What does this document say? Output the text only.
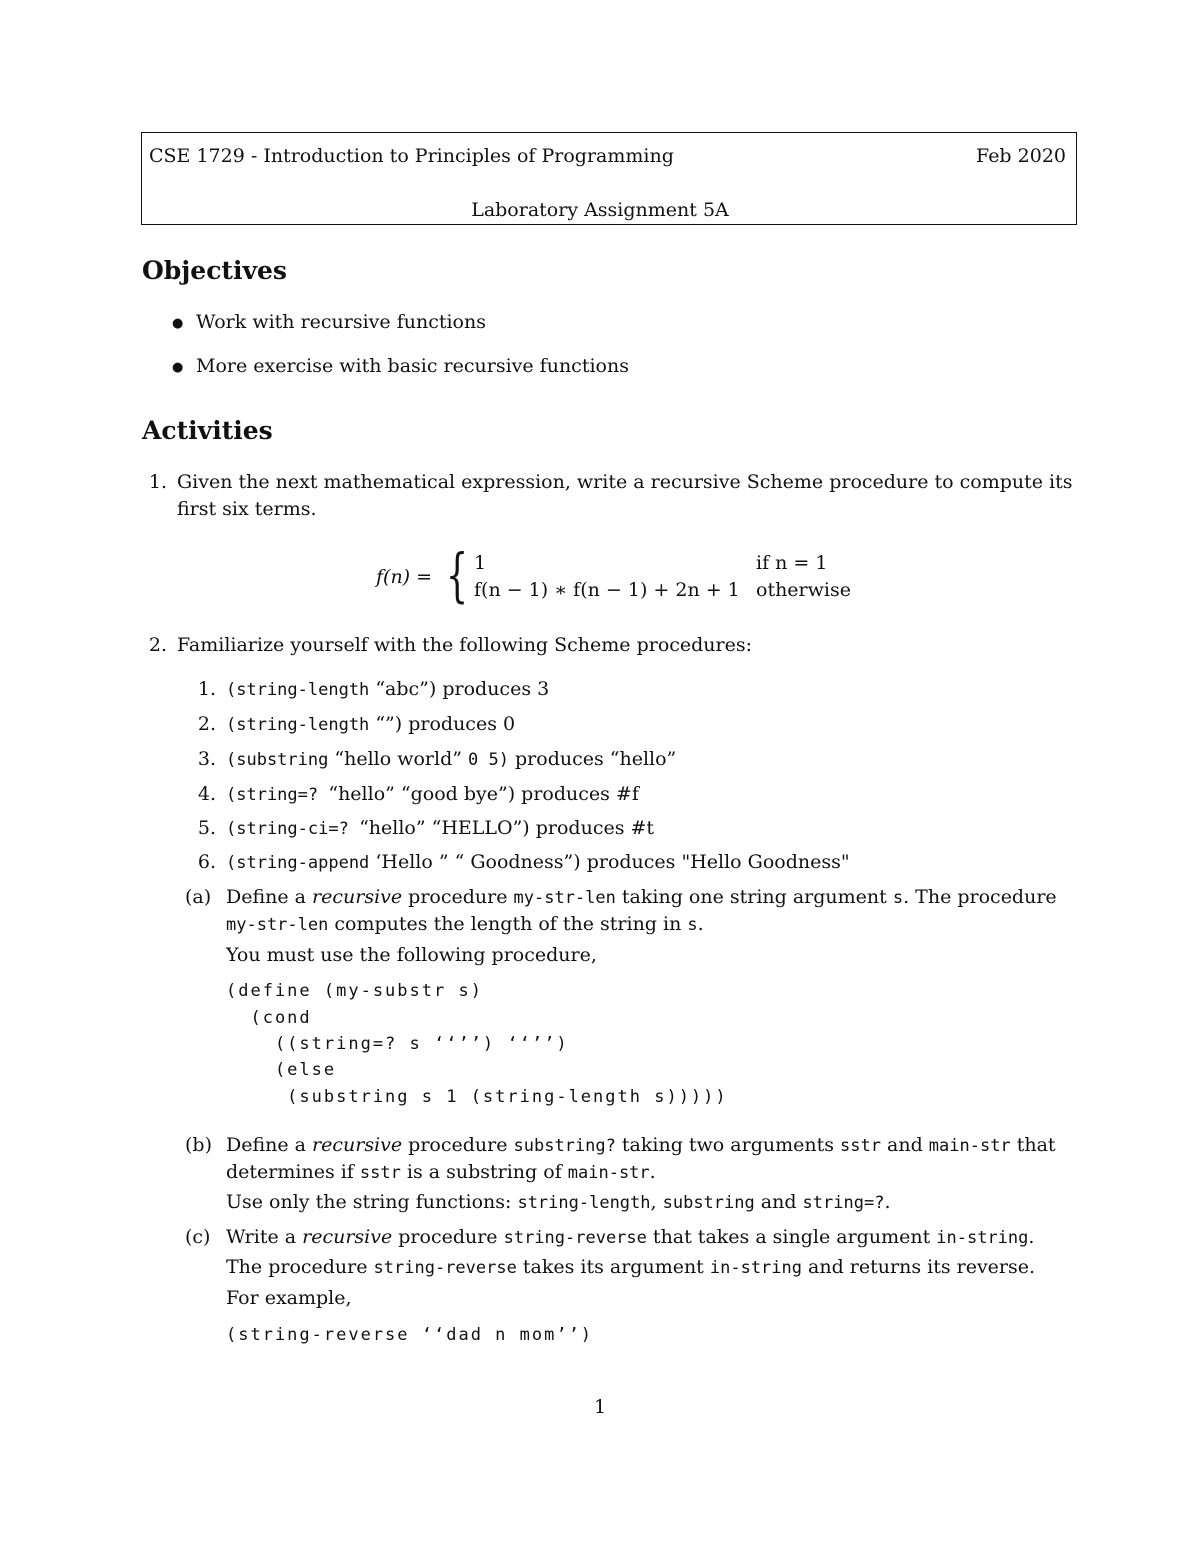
CSE 1729 - Introduction to Principles of Programming	Feb 2020
Laboratory Assignment 5A
Objectives
● Work with recursive functions
● More exercise with basic recursive functions
Activities
1. Given the next mathematical expression, write a recursive Scheme procedure to compute its
first six terms.
f(n) = { 1	if n = 1
f(n − 1) ∗ f(n − 1) + 2n + 1 otherwise
2. Familiarize yourself with the following Scheme procedures:
1. (string-length “abc”) produces 3
2. (string-length “”) produces 0
3. (substring “hello world” 0 5) produces “hello”
4. (string=? “hello” “good bye”) produces #f
5. (string-ci=? “hello” “HELLO”) produces #t
6. (string-append ‘Hello ” “ Goodness”) produces "Hello Goodness"
(a) Define a recursive procedure my-str-len taking one string argument s. The procedure
my-str-len computes the length of the string in s.
You must use the following procedure,
(define (my-substr s)
(cond
((string=? s ‘‘’’) ‘‘’’)
(else
(substring s 1 (string-length s)))))
(b) Define a recursive procedure substring? taking two arguments sstr and main-str that
determines if sstr is a substring of main-str.
Use only the string functions: string-length, substring and string=?.
(c) Write a recursive procedure string-reverse that takes a single argument in-string.
The procedure string-reverse takes its argument in-string and returns its reverse.
For example,
(string-reverse ‘‘dad n mom’’)
1
